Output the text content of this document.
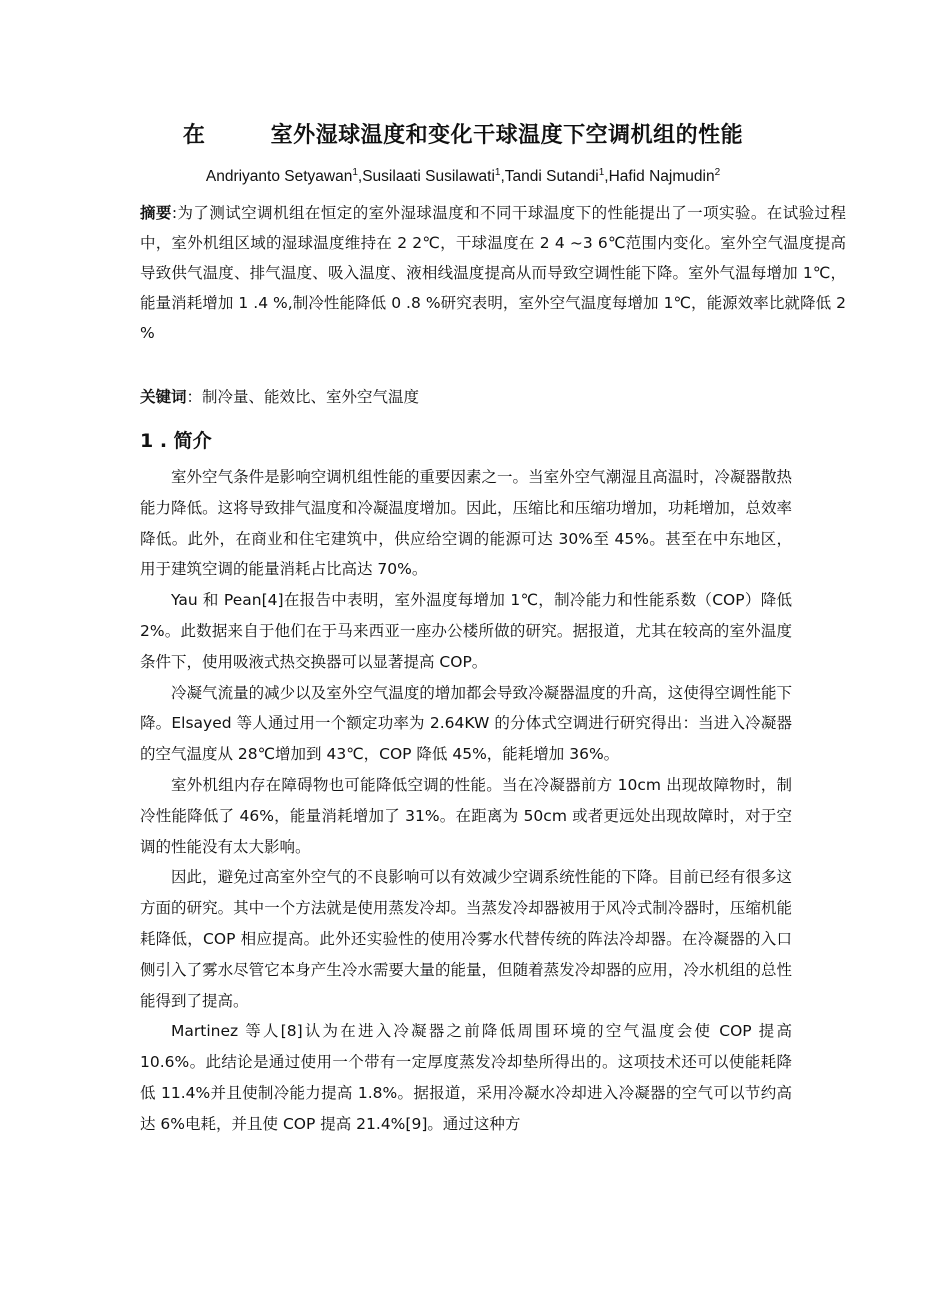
在        室外湿球温度和变化干球温度下空调机组的性能
Andriyanto Setyawan$^1$,Susilaati Susilawati$^1$,Tandi Sutandi$^1$,Hafid Najmudin$^2$

摘要:为了测试空调机组在恒定的室外湿球温度和不同干球温度下的性能提出了一项实验。在试验过程中，室外机组区域的湿球温度维持在 2 2℃，干球温度在 2 4 ~3 6℃范围内变化。室外空气温度提高导致供气温度、排气温度、吸入温度、液相线温度提高从而导致空调性能下降。室外气温每增加 1℃，能量消耗增加 1 .4 %,制冷性能降低 0 .8 %研究表明，室外空气温度每增加 1℃，能源效率比就降低 2 %

关键词：制冷量、能效比、室外空气温度

1 . 简介

室外空气条件是影响空调机组性能的重要因素之一。当室外空气潮湿且高温时，冷凝器散热能力降低。这将导致排气温度和冷凝温度增加。因此，压缩比和压缩功增加，功耗增加，总效率降低。此外，在商业和住宅建筑中，供应给空调的能源可达 30%至 45%。甚至在中东地区，用于建筑空调的能量消耗占比高达 70%。

Yau 和 Pean[4]在报告中表明，室外温度每增加 1℃，制冷能力和性能系数（COP）降低 2%。此数据来自于他们在于马来西亚一座办公楼所做的研究。据报道，尤其在较高的室外温度条件下，使用吸液式热交换器可以显著提高 COP。

冷凝气流量的减少以及室外空气温度的增加都会导致冷凝器温度的升高，这使得空调性能下降。Elsayed 等人通过用一个额定功率为 2.64KW 的分体式空调进行研究得出：当进入冷凝器的空气温度从 28℃增加到 43℃，COP 降低 45%，能耗增加 36%。

室外机组内存在障碍物也可能降低空调的性能。当在冷凝器前方 10cm 出现故障物时，制冷性能降低了 46%，能量消耗增加了 31%。在距离为 50cm 或者更远处出现故障时，对于空调的性能没有太大影响。

因此，避免过高室外空气的不良影响可以有效减少空调系统性能的下降。目前已经有很多这方面的研究。其中一个方法就是使用蒸发冷却。当蒸发冷却器被用于风冷式制冷器时，压缩机能耗降低，COP 相应提高。此外还实验性的使用冷雾水代替传统的阵法冷却器。在冷凝器的入口侧引入了雾水尽管它本身产生冷水需要大量的能量，但随着蒸发冷却器的应用，冷水机组的总性能得到了提高。

Martinez 等人[8]认为在进入冷凝器之前降低周围环境的空气温度会使 COP 提高 10.6%。此结论是通过使用一个带有一定厚度蒸发冷却垫所得出的。这项技术还可以使能耗降低 11.4%并且使制冷能力提高 1.8%。据报道，采用冷凝水冷却进入冷凝器的空气可以节约高达 6%电耗，并且使 COP 提高 21.4%[9]。通过这种方
